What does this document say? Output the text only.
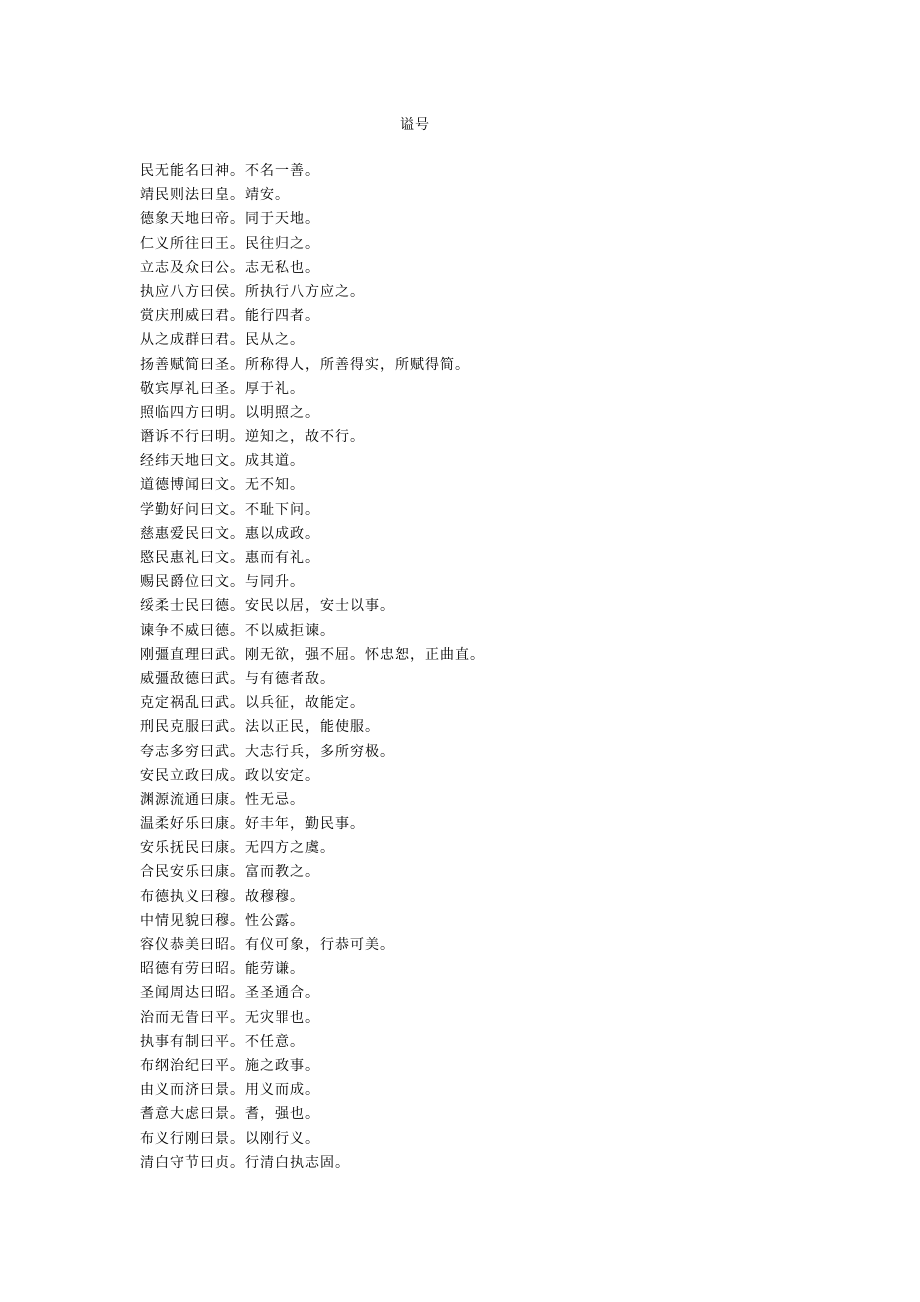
谥号
民无能名曰神。不名一善。
靖民则法曰皇。靖安。
德象天地曰帝。同于天地。
仁义所往曰王。民往归之。
立志及众曰公。志无私也。
执应八方曰侯。所执行八方应之。
赏庆刑威曰君。能行四者。
从之成群曰君。民从之。
扬善赋简曰圣。所称得人，所善得实，所赋得简。
敬宾厚礼曰圣。厚于礼。
照临四方曰明。以明照之。
谮诉不行曰明。逆知之，故不行。
经纬天地曰文。成其道。
道德博闻曰文。无不知。
学勤好问曰文。不耻下问。
慈惠爱民曰文。惠以成政。
愍民惠礼曰文。惠而有礼。
赐民爵位曰文。与同升。
绥柔士民曰德。安民以居，安士以事。
谏争不威曰德。不以威拒谏。
刚彊直理曰武。刚无欲，强不屈。怀忠恕，正曲直。
威彊敌德曰武。与有德者敌。
克定祸乱曰武。以兵征，故能定。
刑民克服曰武。法以正民，能使服。
夸志多穷曰武。大志行兵，多所穷极。
安民立政曰成。政以安定。
渊源流通曰康。性无忌。
温柔好乐曰康。好丰年，勤民事。
安乐抚民曰康。无四方之虞。
合民安乐曰康。富而教之。
布德执义曰穆。故穆穆。
中情见貌曰穆。性公露。
容仪恭美曰昭。有仪可象，行恭可美。
昭德有劳曰昭。能劳谦。
圣闻周达曰昭。圣圣通合。
治而无眚曰平。无灾罪也。
执事有制曰平。不任意。
布纲治纪曰平。施之政事。
由义而济曰景。用义而成。
耆意大虑曰景。耆，强也。
布义行刚曰景。以刚行义。
清白守节曰贞。行清白执志固。
